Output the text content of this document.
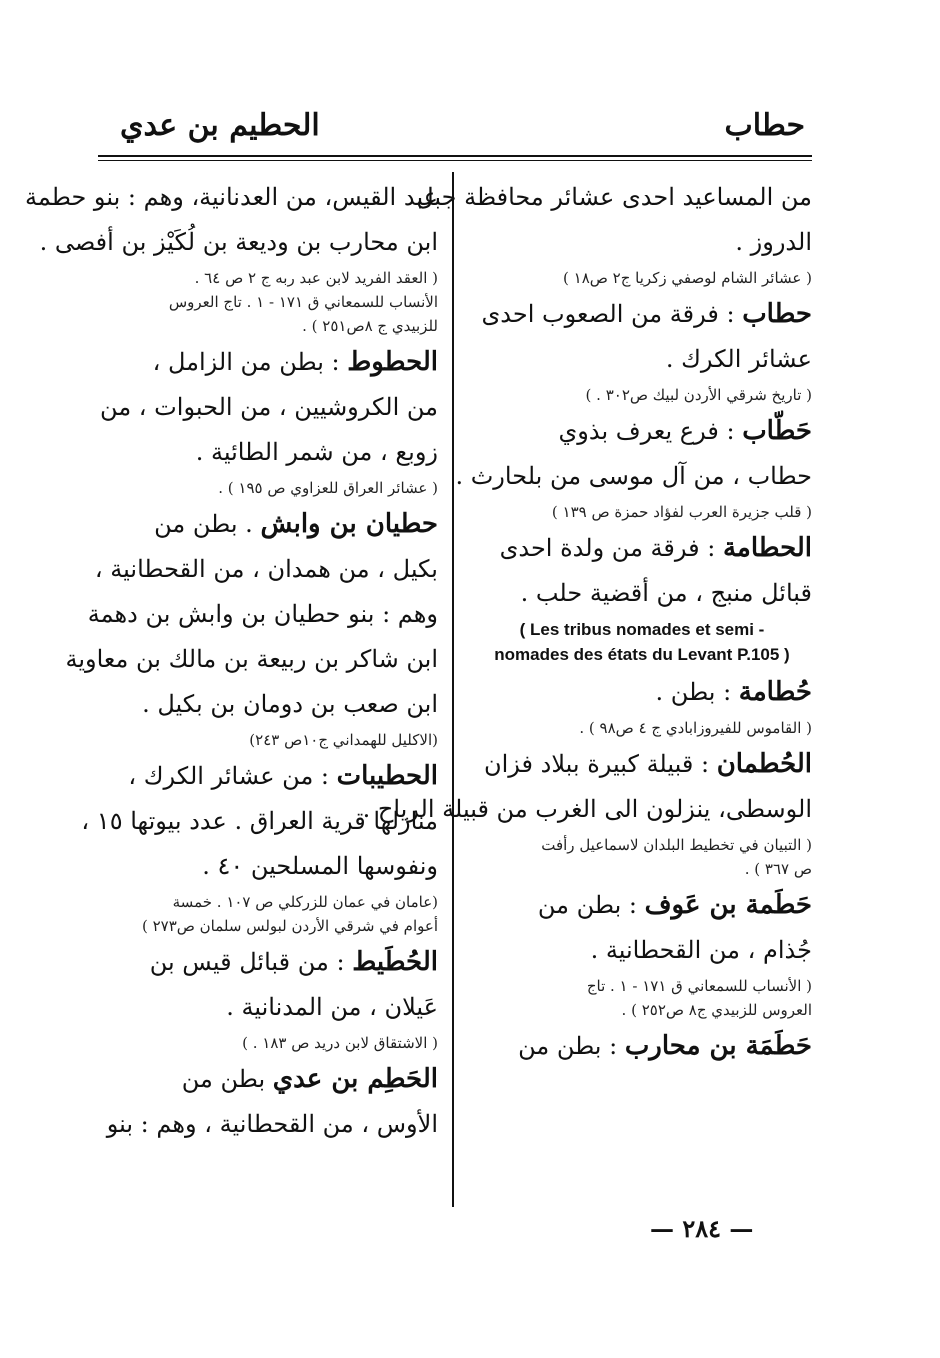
حطاب
الحطيم بن عدي
من المساعيد احدى عشائر محافظة جبل
الدروز .
( عشائر الشام لوصفي زكريا ج٢ ص١٨ )
حطاب : فرقة من الصعوب احدى
عشائر الكرك .
( تاريخ شرقي الأردن لبيك ص٣٠٢ . )
حَطّاب : فرع يعرف بذوي
حطاب ، من آل موسى من بلحارث .
( قلب جزيرة العرب لفؤاد حمزة ص ١٣٩ )
الحطامة : فرقة من ولدة احدى
قبائل منبج ، من أقضية حلب .
( Les tribus nomades et semi -
nomades des états du Levant P.105 )
حُطامة : بطن .
( القاموس للفيروزابادي ج ٤ ص٩٨ ) .
الحُطمان : قبيلة كبيرة ببلاد فزان
الوسطى، ينزلون الى الغرب من قبيلة الرياح .
( التبيان في تخطيط البلدان لاسماعيل رأفت
ص ٣٦٧ ) .
حَطَمة بن عَوف : بطن من
جُذام ، من القحطانية .
( الأنساب للسمعاني ق ١٧١ - ١ . تاج
العروس للزبيدي ج٨ ص٢٥٢ ) .
حَطَمَة بن محارب : بطن من
عبد القيس، من العدنانية، وهم : بنو حطمة
ابن محارب بن وديعة بن لُكَيْز بن أفصى .
( العقد الفريد لابن عبد ربه ج ٢ ص ٦٤ .
الأنساب للسمعاني ق ١٧١ - ١ . تاج العروس
للزبيدي ج ٨ص٢٥١ ) .
الحطوط : بطن من الزامل ،
من الكروشيين ، من الحبوات ، من
زوبع ، من شمر الطائية .
( عشائر العراق للعزاوي ص ١٩٥ ) .
حطيان بن وابش . بطن من
بكيل ، من همدان ، من القحطانية ،
وهم : بنو حطيان بن وابش بن دهمة
ابن شاكر بن ربيعة بن مالك بن معاوية
ابن صعب بن دومان بن بكيل .
(الاكليل للهمداني ج١٠ص ٢٤٣)
الحطيبات : من عشائر الكرك ،
منازلها قرية العراق . عدد بيوتها ١٥ ،
ونفوسها المسلحين ٤٠ .
(عامان في عمان للزركلي ص ١٠٧ . خمسة
أعوام في شرقي الأردن لبولس سلمان ص٢٧٣ )
الحُطَيط : من قبائل قيس بن
عَيلان ، من المدنانية .
( الاشتقاق لابن دريد ص ١٨٣ . )
الحَطِم بن عدي بطن من
الأوس ، من القحطانية ، وهم : بنو
— ٢٨٤ —
